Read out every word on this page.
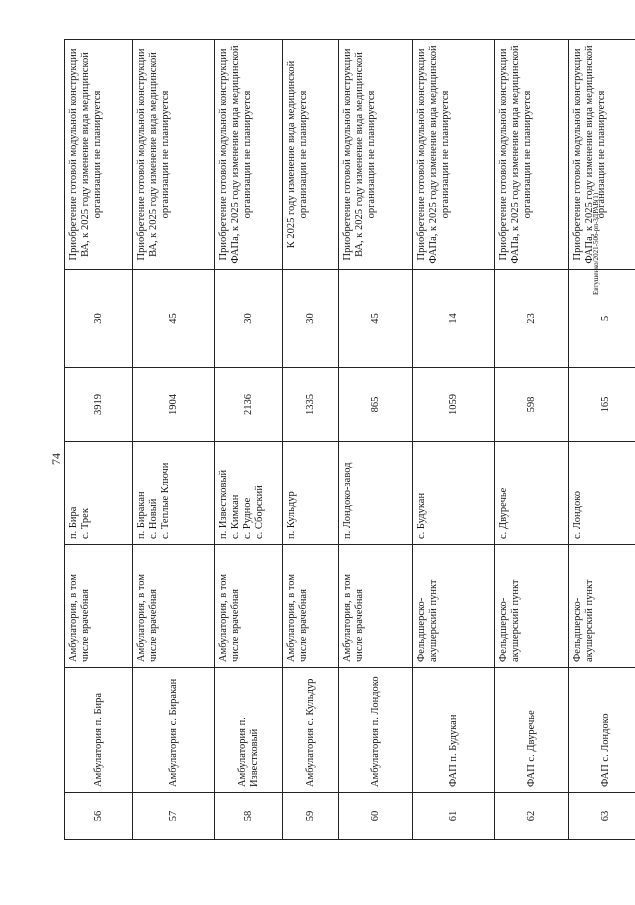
74
56	Амбулатория п. Бира	Амбулатория, в том числе врачебная	п. Бира с. Трек	3919	30	Приобретение готовой модульной конструкции ВА, к 2025 году изменение вида медицинской организации не планируется
57	Амбулатория с. Биракан	Амбулатория, в том числе врачебная	п. Биракан с. Новый с. Теплые Ключи	1904	45	Приобретение готовой модульной конструкции ВА, к 2025 году изменение вида медицинской организации не планируется
58	Амбулатория п. Известковый	Амбулатория, в том числе врачебная	п. Известковый с. Кимкан с. Рудное с. Сборский	2136	30	Приобретение готовой модульной конструкции ФАПа, к 2025 году изменение вида медицинской организации не планируется
59	Амбулатория с. Кульдур	Амбулатория, в том числе врачебная	п. Кульдур	1335	30	К 2025 году изменение вида медицинской организации не планируется
60	Амбулатория п. Лондоко	Амбулатория, в том числе врачебная	п. Лондоко-завод	865	45	Приобретение готовой модульной конструкции ВА, к 2025 году изменение вида медицинской организации не планируется
61	ФАП п. Будукан	Фельдшерско-акушерский пункт	с. Будукан	1059	14	Приобретение готовой модульной конструкции ФАПа, к 2025 году изменение вида медицинской организации не планируется
62	ФАП с. Двуречье	Фельдшерско-акушерский пункт	с. Двуречье	598	23	Приобретение готовой модульной конструкции ФАПа, к 2025 году изменение вида медицинской организации не планируется
63	ФАП с. Лондоко	Фельдшерско-акушерский пункт	с. Лондоко	165	5	Приобретение готовой модульной конструкции ФАПа, к 2025 году изменение вида медицинской организации не планируется
Евтушенко/2021-506-рп-ЗДРАВ(1)
